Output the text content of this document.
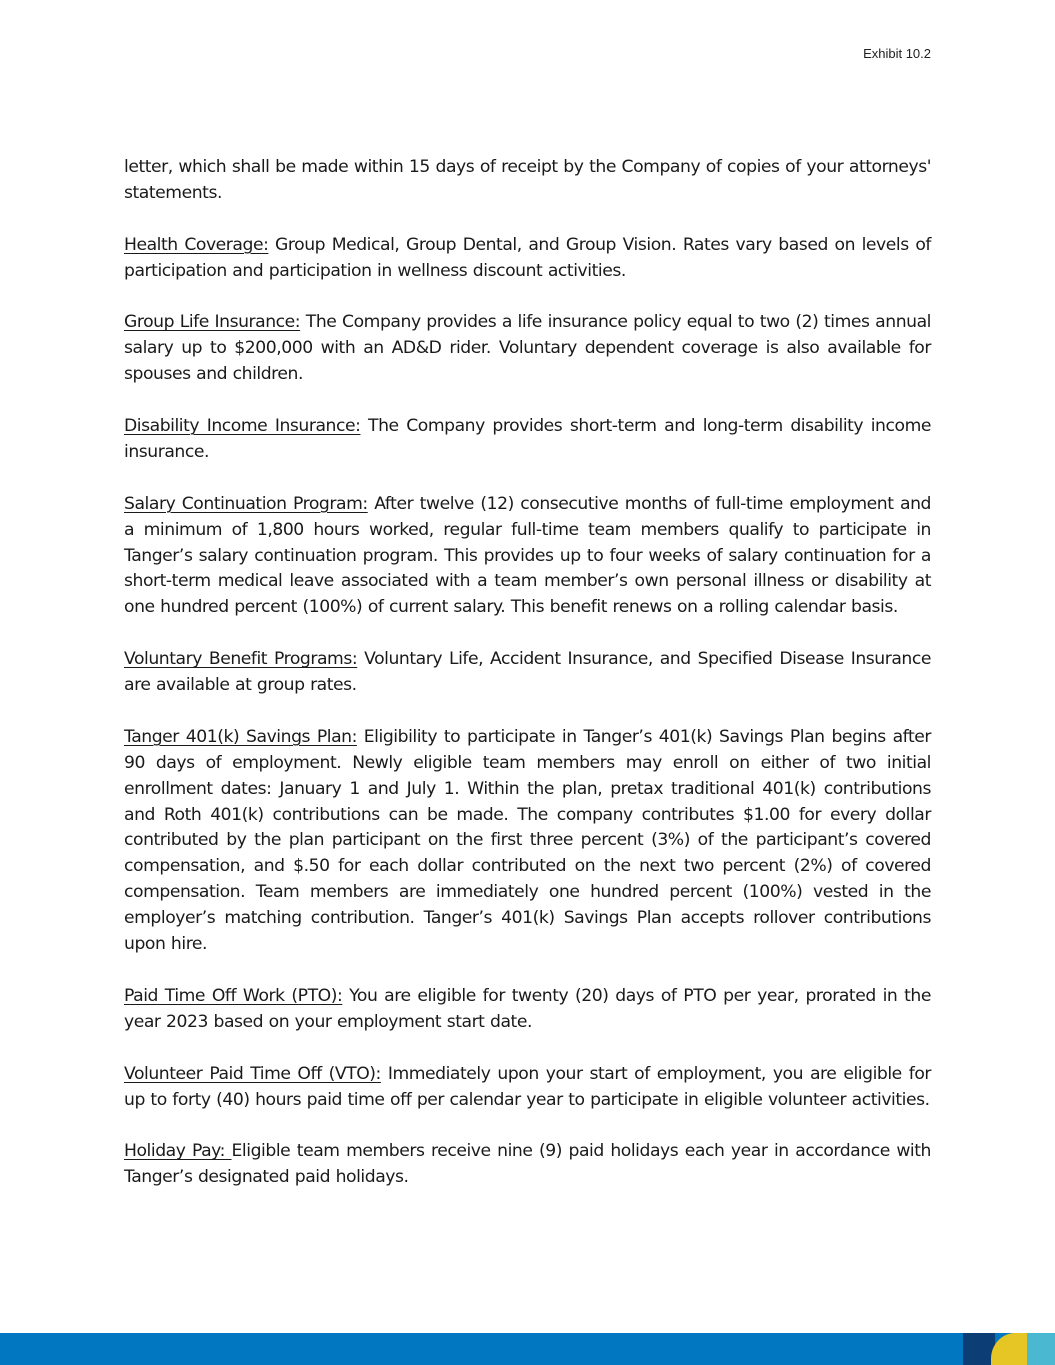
Exhibit 10.2

letter, which shall be made within 15 days of receipt by the Company of copies of your attorneys' statements.

Health Coverage: Group Medical, Group Dental, and Group Vision. Rates vary based on levels of participation and participation in wellness discount activities.

Group Life Insurance: The Company provides a life insurance policy equal to two (2) times annual salary up to $200,000 with an AD&D rider. Voluntary dependent coverage is also available for spouses and children.

Disability Income Insurance: The Company provides short-term and long-term disability income insurance.

Salary Continuation Program: After twelve (12) consecutive months of full-time employment and a minimum of 1,800 hours worked, regular full-time team members qualify to participate in Tanger’s salary continuation program. This provides up to four weeks of salary continuation for a short-term medical leave associated with a team member’s own personal illness or disability at one hundred percent (100%) of current salary. This benefit renews on a rolling calendar basis.

Voluntary Benefit Programs: Voluntary Life, Accident Insurance, and Specified Disease Insurance are available at group rates.

Tanger 401(k) Savings Plan: Eligibility to participate in Tanger’s 401(k) Savings Plan begins after 90 days of employment. Newly eligible team members may enroll on either of two initial enrollment dates: January 1 and July 1. Within the plan, pretax traditional 401(k) contributions and Roth 401(k) contributions can be made. The company contributes $1.00 for every dollar contributed by the plan participant on the first three percent (3%) of the participant’s covered compensation, and $.50 for each dollar contributed on the next two percent (2%) of covered compensation. Team members are immediately one hundred percent (100%) vested in the employer’s matching contribution. Tanger’s 401(k) Savings Plan accepts rollover contributions upon hire.

Paid Time Off Work (PTO): You are eligible for twenty (20) days of PTO per year, prorated in the year 2023 based on your employment start date.

Volunteer Paid Time Off (VTO): Immediately upon your start of employment, you are eligible for up to forty (40) hours paid time off per calendar year to participate in eligible volunteer activities.

Holiday Pay: Eligible team members receive nine (9) paid holidays each year in accordance with Tanger’s designated paid holidays.
